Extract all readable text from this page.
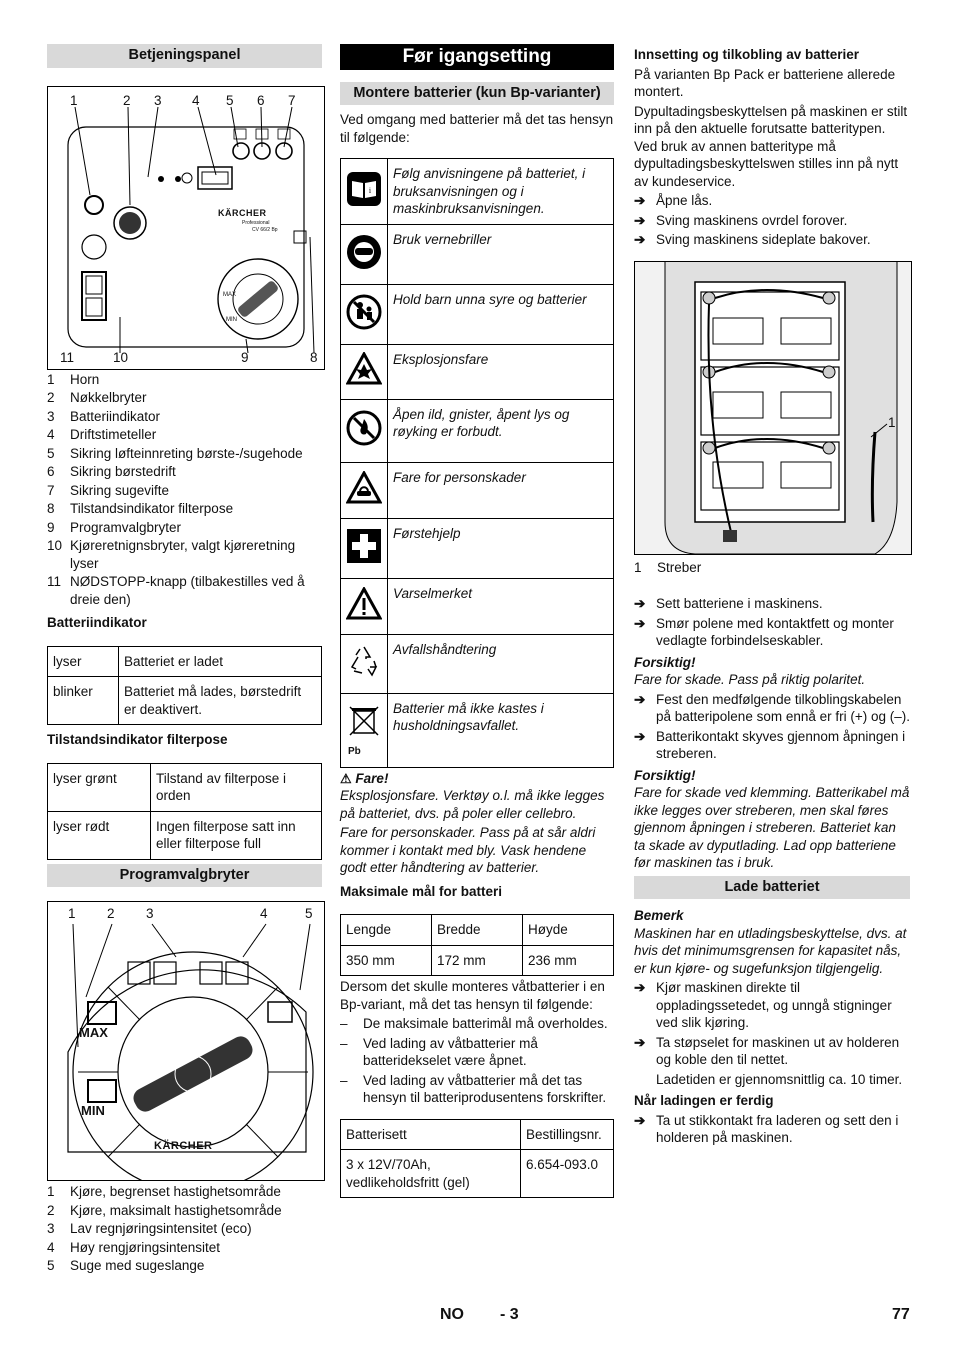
Betjeningspanel
KÄRCHER
Professional
CV 66/2 Bp
MAX
MIN
1	2 3 4 5 6 7
11	10	9	8
1	Horn
2	Nøkkelbryter
3	Batteriindikator
4	Driftstimeteller
5	Sikring løfteinnreting børste-/sugehode
6	Sikring børstedrift
7	Sikring sugevifte
8	Tilstandsindikator filterpose
9	Programvalgbryter
10 Kjøreretnignsbryter, valgt kjøreretning lyser
11 NØDSTOPP-knapp (tilbakestilles ved å dreie den)
Batteriindikator
lyser	Batteriet er ladet
blinker	Batteriet må lades, børstedrift er deaktivert.
Tilstandsindikator filterpose
lyser grønt	Tilstand av filterpose i orden
lyser rødt	Ingen filterpose satt inn eller filterpose full
Programvalgbryter
1 2 3	4	5
MAX
MIN
KÄRCHER
1	Kjøre, begrenset hastighetsområde
2	Kjøre, maksimalt hastighetsområde
3	Lav regnjøringsintensitet (eco)
4	Høy rengjøringsintensitet
5	Suge med sugeslange
Før igangsetting
Montere batterier (kun Bp-varianter)

Ved omgang med batterier må det tas hensyn til følgende:

i	Følg anvisningene på batteriet, i bruksanvisningen og i maskinbruksanvisningen.
	Bruk vernebriller
	Hold barn unna syre og batterier
	Eksplosjonsfare
	Åpen ild, gnister, åpent lys og røyking er forbudt.
	Fare for personskader
	Førstehjelp
	Varselmerket
	Avfallshåndtering

Pb	Batterier må ikke kastes i husholdningsavfallet.
⚠ Fare!

Eksplosjonsfare. Verktøy o.l. må ikke legges på batteriet, dvs. på poler eller cellebro.

Fare for personskader. Pass på at sår aldri kommer i kontakt med bly. Vask hendene godt etter håndtering av batterier.

Maksimale mål for batteri
Lengde	Bredde	Høyde
350 mm	172 mm	236 mm

Dersom det skulle monteres våtbatterier i en Bp-variant, må det tas hensyn til følgende:

–	De maksimale batterimål må overholdes.
–	Ved lading av våtbatterier må batteridekselet være åpnet.
–	Ved lading av våtbatterier må det tas hensyn til batteriprodusentens forskrifter.
Batterisett	Bestillingsnr.
3 x 12V/70Ah, vedlikeholdsfritt (gel)	6.654-093.0
Innsetting og tilkobling av batterier

På varianten Bp Pack er batteriene allerede montert.

Dypultadingsbeskyttelsen på maskinen er stilt inn på den aktuelle forutsatte batteritypen. Ved bruk av annen batteritype må dypultadingsbeskyttelswen stilles inn på nytt av kundeservice.

➔ Åpne lås.
➔ Sving maskinens ovrdel forover.
➔ Sving maskinens sideplate bakover.
1
1	Streber
➔ Sett batteriene i maskinens.
➔ Smør polene med kontaktfett og monter vedlagte forbindelseskabler.
Forsiktig!

Fare for skade. Pass på riktig polaritet.

➔ Fest den medfølgende tilkoblingskabelen på batteripolene som ennå er fri (+) og (–).
➔ Batterikontakt skyves gjennom åpningen i streberen.
Forsiktig!

Fare for skade ved klemming. Batterikabel må ikke legges over streberen, men skal føres gjennom åpningen i streberen. Batteriet kan ta skade av dyputlading. Lad opp batteriene før maskinen tas i bruk.

Lade batteriet
Bemerk

Maskinen har en utladingsbeskyttelse, dvs. at hvis det minimumsgrensen for kapasitet nås, er kun kjøre- og sugefunksjon tilgjengelig.

➔ Kjør maskinen direkte til oppladingssetedet, og unngå stigninger ved slik kjøring.
➔ Ta støpselet for maskinen ut av holderen og koble den til nettet.

Ladetiden er gjennomsnittlig ca. 10 timer.

Når ladingen er ferdig
➔ Ta ut stikkontakt fra laderen og sett den i holderen på maskinen.
NO - 3	77
